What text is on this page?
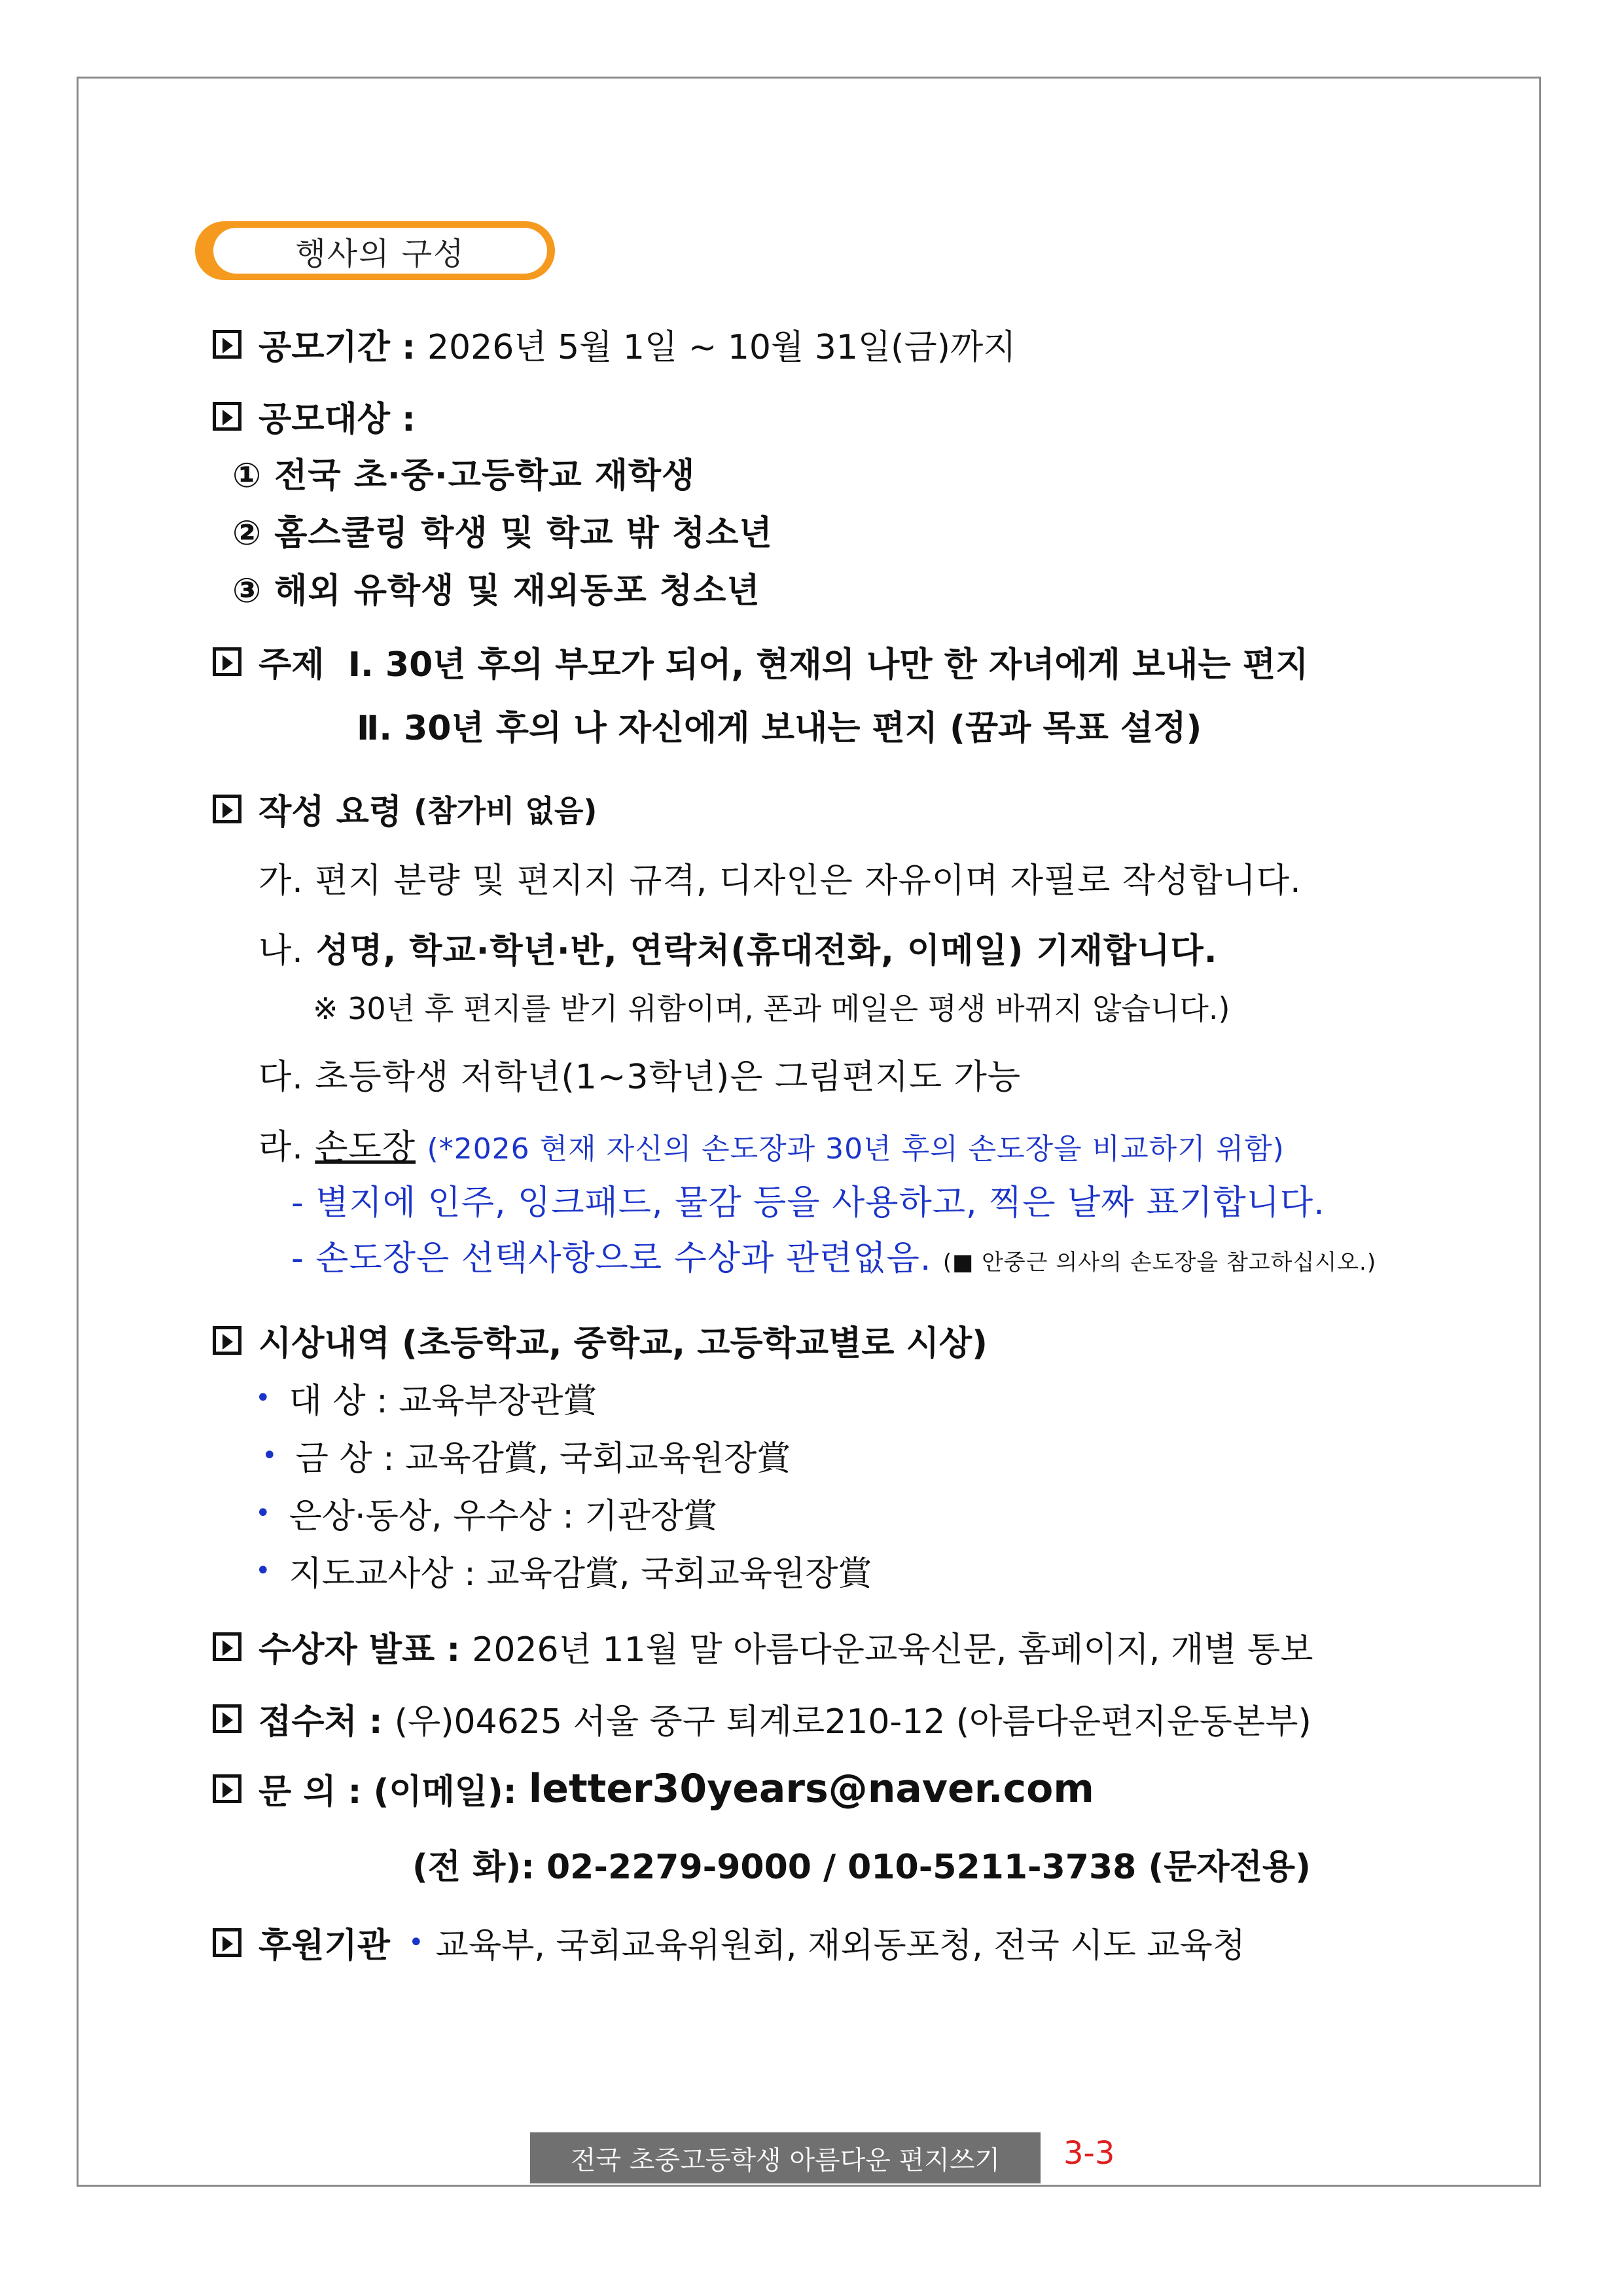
행사의 구성
공모기간 :
2026년 5월 1일 ~ 10월 31일(금)까지
공모대상 :
① 전국 초·중·고등학교 재학생
② 홈스쿨링 학생 및 학교 밖 청소년
③ 해외 유학생 및 재외동포 청소년
주제
Ⅰ. 30년 후의 부모가 되어, 현재의 나만 한 자녀에게 보내는 편지
Ⅱ. 30년 후의 나 자신에게 보내는 편지 (꿈과 목표 설정)
작성 요령
(참가비 없음)
가. 편지 분량 및 편지지 규격, 디자인은 자유이며 자필로 작성합니다.
나. 성명, 학교·학년·반, 연락처(휴대전화, 이메일) 기재합니다.
※ 30년 후 편지를 받기 위함이며, 폰과 메일은 평생 바뀌지 않습니다.)
다. 초등학생 저학년(1~3학년)은 그림편지도 가능
라. 손도장 (*2026 현재 자신의 손도장과 30년 후의 손도장을 비교하기 위함)
- 별지에 인주, 잉크패드, 물감 등을 사용하고, 찍은 날짜 표기합니다.
- 손도장은 선택사항으로 수상과 관련없음. (■ 안중근 의사의 손도장을 참고하십시오.)
시상내역
(초등학교, 중학교, 고등학교별로 시상)
• 대 상 : 교육부장관賞
• 금 상 : 교육감賞, 국회교육원장賞
• 은상·동상, 우수상 : 기관장賞
• 지도교사상 : 교육감賞, 국회교육원장賞
수상자 발표 :
2026년 11월 말 아름다운교육신문, 홈페이지, 개별 통보
접수처 :
(우)04625 서울 중구 퇴계로210-12 (아름다운편지운동본부)
문 의 :
(이메일):
letter30years@naver.com
(전 화): 02-2279-9000 / 010-5211-3738 (문자전용)
후원기관
• 교육부, 국회교육위원회, 재외동포청, 전국 시도 교육청
전국 초중고등학생 아름다운 편지쓰기	3-3
